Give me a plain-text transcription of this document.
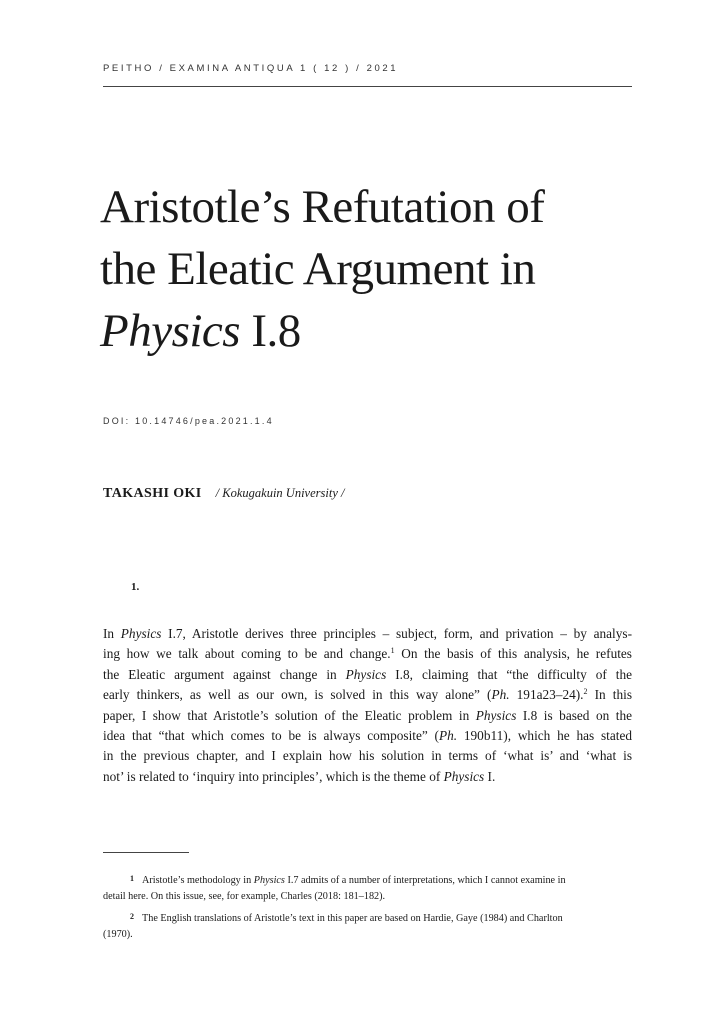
PEITHO / EXAMINA ANTIQUA 1 ( 12 ) / 2021
Aristotle’s Refutation of
the Eleatic Argument in
Physics I.8
DOI: 10.14746/pea.2021.1.4
TAKASHI OKI / Kokugakuin University /
1.
In Physics I.7, Aristotle derives three principles – subject, form, and privation – by analys-
ing how we talk about coming to be and change.$^1$ On the basis of this analysis, he refutes
the Eleatic argument against change in Physics I.8, claiming that “the difficulty of the
early thinkers, as well as our own, is solved in this way alone” (Ph. 191a23–24).$^2$ In this
paper, I show that Aristotle’s solution of the Eleatic problem in Physics I.8 is based on the
idea that “that which comes to be is always composite” (Ph. 190b11), which he has stated
in the previous chapter, and I explain how his solution in terms of ‘what is’ and ‘what is
not’ is related to ‘inquiry into principles’, which is the theme of Physics I.
1 Aristotle’s methodology in Physics I.7 admits of a number of interpretations, which I cannot examine in
detail here. On this issue, see, for example, Charles (2018: 181–182).
2 The English translations of Aristotle’s text in this paper are based on Hardie, Gaye (1984) and Charlton
(1970).
